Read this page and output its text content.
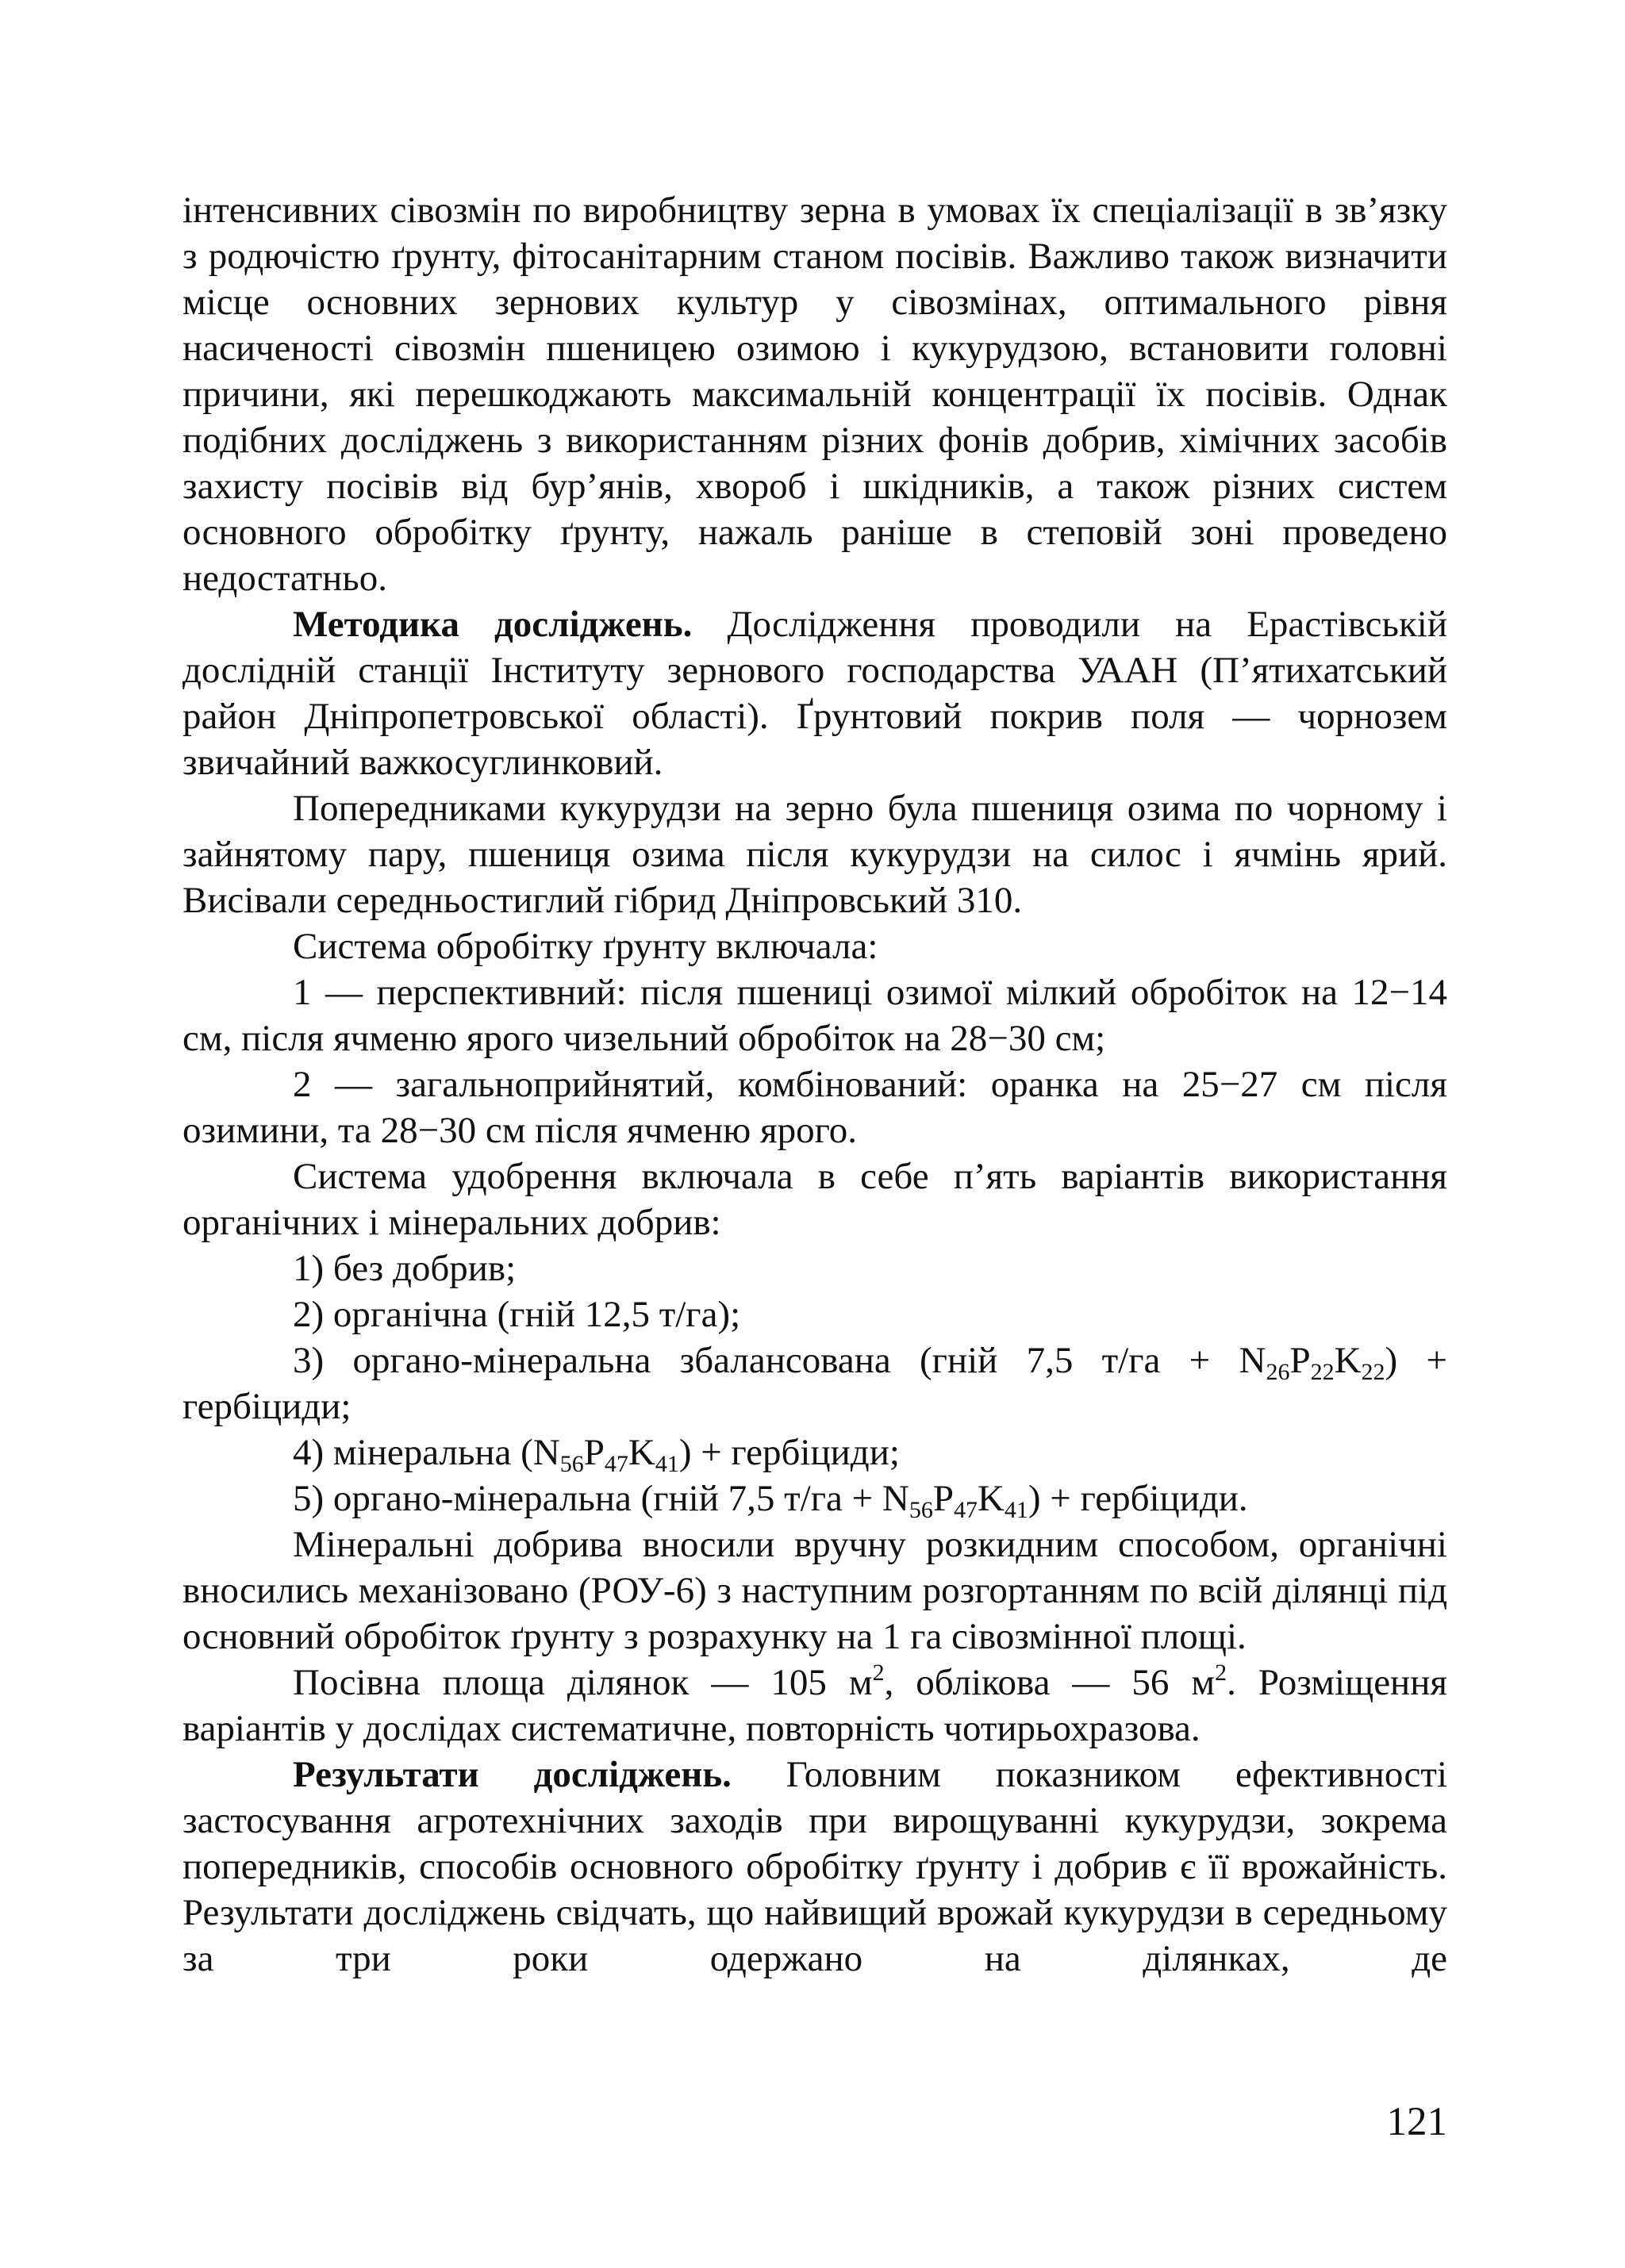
інтенсивних сівозмін по виробництву зерна в умовах їх спеціалізації в зв’язку з родючістю ґрунту, фітосанітарним станом посівів. Важливо також визначити місце основних зернових культур у сівозмінах, оптимального рівня насиченості сівозмін пшеницею озимою і кукурудзою, встановити головні причини, які перешкоджають максимальній концентрації їх посівів. Однак подібних досліджень з використанням різних фонів добрив, хімічних засобів захисту посівів від бур’янів, хвороб і шкідників, а також різних систем основного обробітку ґрунту, нажаль раніше в степовій зоні проведено недостатньо.

Методика досліджень. Дослідження проводили на Ерастівській дослідній станції Інституту зернового господарства УААН (П’ятихатський район Дніпропетровської області). Ґрунтовий покрив поля — чорнозем звичайний важкосуглинковий.

Попередниками кукурудзи на зерно була пшениця озима по чорному і зайнятому пару, пшениця озима після кукурудзи на силос і ячмінь ярий. Висівали середньостиглий гібрид Дніпровський 310.

Система обробітку ґрунту включала:

1 — перспективний: після пшениці озимої мілкий обробіток на 12−14 см, після ячменю ярого чизельний обробіток на 28−30 см;

2 — загальноприйнятий, комбінований: оранка на 25−27 см після озимини, та 28−30 см після ячменю ярого.

Система удобрення включала в себе п’ять варіантів використання органічних і мінеральних добрив:

1) без добрив;

2) органічна (гній 12,5 т/га);

3) органо-мінеральна збалансована (гній 7,5 $т/га + N_{26}P_{22}K_{22}$) + гербіциди;

4) мінеральна $(N_{56}P_{47}K_{41})$ + гербіциди;

5) органо-мінеральна (гній 7,5 $т/га + N_{56}P_{47}K_{41}$) + гербіциди.

Мінеральні добрива вносили вручну розкидним способом, органічні вносились механізовано (РОУ-6) з наступним розгортанням по всій ділянці під основний обробіток ґрунту з розрахунку на 1 га сівозмінної площі.

Посівна площа ділянок — 105 $м^2$, облікова — 56 $м^2$. Розміщення варіантів у дослідах систематичне, повторність чотирьохразова.

Результати досліджень. Головним показником ефективності застосування агротехнічних заходів при вирощуванні кукурудзи, зокрема попередників, способів основного обробітку ґрунту і добрив є її врожайність. Результати досліджень свідчать, що найвищий врожай кукурудзи в середньому за три роки одержано на ділянках, де

121
